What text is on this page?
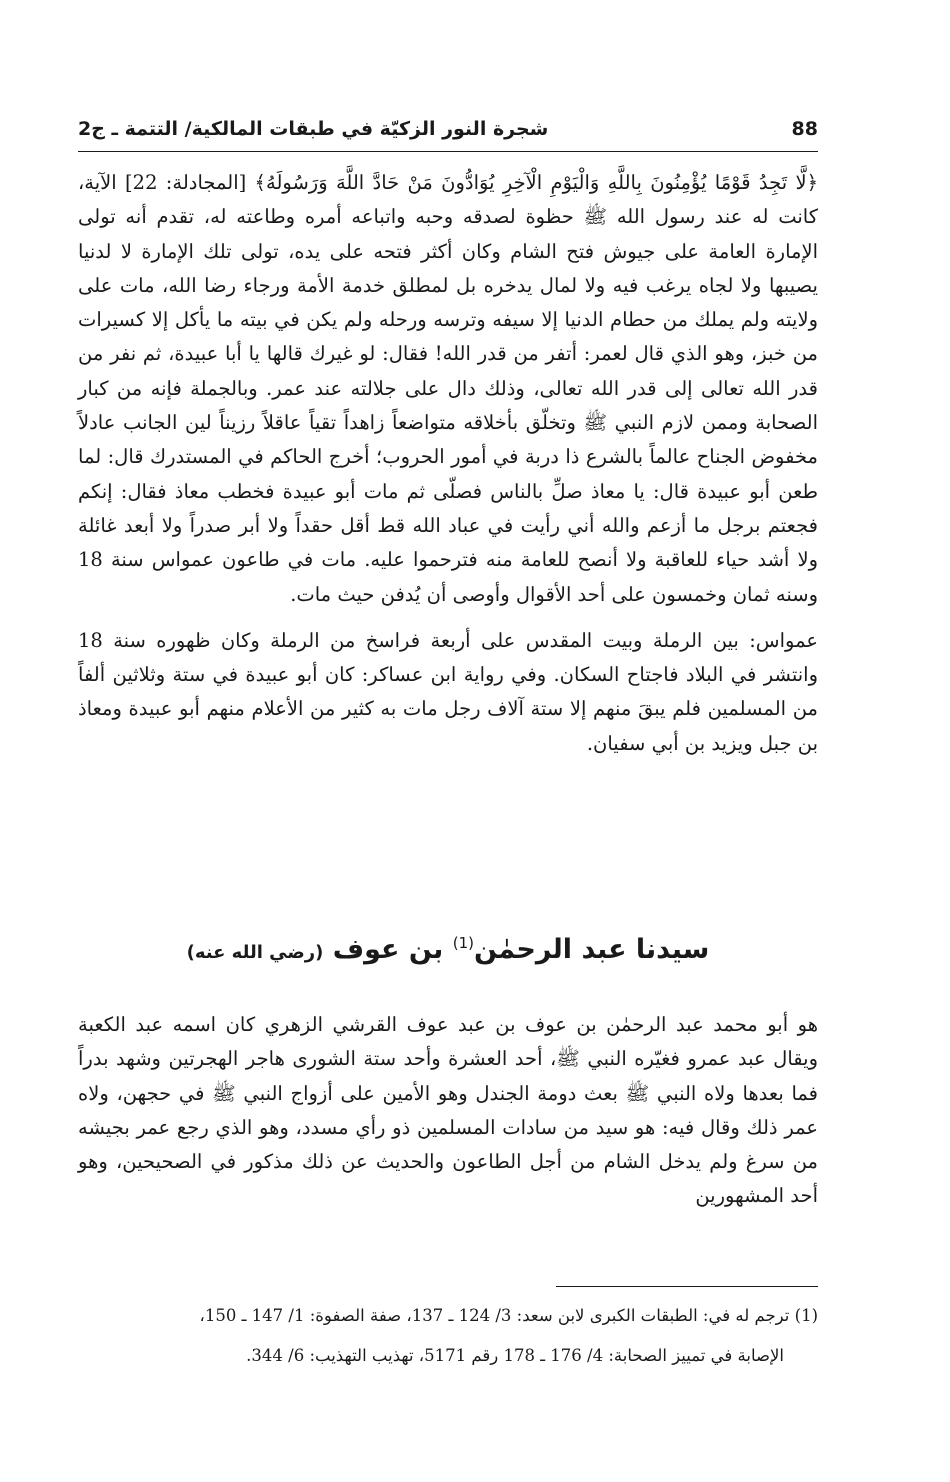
88
شجرة النور الزكيّة في طبقات المالكية/ التتمة ـ ج2

﴿لَّا تَجِدُ قَوْمًا يُؤْمِنُونَ بِاللَّهِ وَالْيَوْمِ الْآخِرِ يُوَادُّونَ مَنْ حَادَّ اللَّهَ وَرَسُولَهُ﴾ [المجادلة: 22] الآية، كانت له عند رسول الله ﷺ حظوة لصدقه وحبه واتباعه أمره وطاعته له، تقدم أنه تولى الإمارة العامة على جيوش فتح الشام وكان أكثر فتحه على يده، تولى تلك الإمارة لا لدنيا يصيبها ولا لجاه يرغب فيه ولا لمال يدخره بل لمطلق خدمة الأمة ورجاء رضا الله، مات على ولايته ولم يملك من حطام الدنيا إلا سيفه وترسه ورحله ولم يكن في بيته ما يأكل إلا كسيرات من خبز، وهو الذي قال لعمر: أتفر من قدر الله! فقال: لو غيرك قالها يا أبا عبيدة، ثم نفر من قدر الله تعالى إلى قدر الله تعالى، وذلك دال على جلالته عند عمر. وبالجملة فإنه من كبار الصحابة وممن لازم النبي ﷺ وتخلّق بأخلاقه متواضعاً زاهداً تقياً عاقلاً رزيناً لين الجانب عادلاً مخفوض الجناح عالماً بالشرع ذا دربة في أمور الحروب؛ أخرج الحاكم في المستدرك قال: لما طعن أبو عبيدة قال: يا معاذ صلِّ بالناس فصلّى ثم مات أبو عبيدة فخطب معاذ فقال: إنكم فجعتم برجل ما أزعم والله أني رأيت في عباد الله قط أقل حقداً ولا أبر صدراً ولا أبعد غائلة ولا أشد حياء للعاقبة ولا أنصح للعامة منه فترحموا عليه. مات في طاعون عمواس سنة 18 وسنه ثمان وخمسون على أحد الأقوال وأوصى أن يُدفن حيث مات.

عمواس: بين الرملة وبيت المقدس على أربعة فراسخ من الرملة وكان ظهوره سنة 18 وانتشر في البلاد فاجتاح السكان. وفي رواية ابن عساكر: كان أبو عبيدة في ستة وثلاثين ألفاً من المسلمين فلم يبقَ منهم إلا ستة آلاف رجل مات به كثير من الأعلام منهم أبو عبيدة ومعاذ بن جبل ويزيد بن أبي سفيان.

سيدنا عبد الرحمٰن$^{(1)}$ بن عوف (رضي الله عنه)

هو أبو محمد عبد الرحمٰن بن عوف بن عبد عوف القرشي الزهري كان اسمه عبد الكعبة ويقال عبد عمرو فغيّره النبي ﷺ، أحد العشرة وأحد ستة الشورى هاجر الهجرتين وشهد بدراً فما بعدها ولاه النبي ﷺ بعث دومة الجندل وهو الأمين على أزواج النبي ﷺ في حجهن، ولاه عمر ذلك وقال فيه: هو سيد من سادات المسلمين ذو رأي مسدد، وهو الذي رجع عمر بجيشه من سرغ ولم يدخل الشام من أجل الطاعون والحديث عن ذلك مذكور في الصحيحين، وهو أحد المشهورين

(1) ترجم له في: الطبقات الكبرى لابن سعد: 3/ 124 ـ 137، صفة الصفوة: 1/ 147 ـ 150،

الإصابة في تمييز الصحابة: 4/ 176 ـ 178 رقم 5171، تهذيب التهذيب: 6/ 344.
